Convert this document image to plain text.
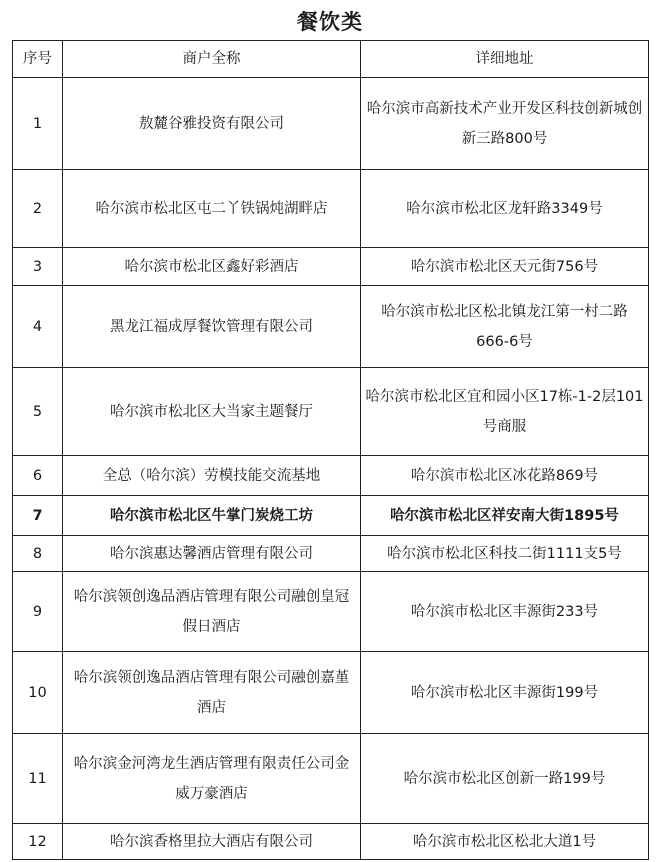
餐饮类
序号	商户全称	详细地址
1	敖麓谷雅投资有限公司	哈尔滨市高新技术产业开发区科技创新城创新三路800号
2	哈尔滨市松北区屯二丫铁锅炖湖畔店	哈尔滨市松北区龙轩路3349号
3	哈尔滨市松北区鑫好彩酒店	哈尔滨市松北区天元街756号
4	黑龙江福成厚餐饮管理有限公司	哈尔滨市松北区松北镇龙江第一村二路666-6号
5	哈尔滨市松北区大当家主题餐厅	哈尔滨市松北区宜和园小区17栋-1-2层101号商服
6	全总（哈尔滨）劳模技能交流基地	哈尔滨市松北区冰花路869号
7	哈尔滨市松北区牛掌门炭烧工坊	哈尔滨市松北区祥安南大街1895号
8	哈尔滨惠达馨酒店管理有限公司	哈尔滨市松北区科技二街1111支5号
9	哈尔滨领创逸品酒店管理有限公司融创皇冠假日酒店	哈尔滨市松北区丰源街233号
10	哈尔滨领创逸品酒店管理有限公司融创嘉堇酒店	哈尔滨市松北区丰源街199号
11	哈尔滨金河湾龙生酒店管理有限责任公司金威万豪酒店	哈尔滨市松北区创新一路199号
12	哈尔滨香格里拉大酒店有限公司	哈尔滨市松北区松北大道1号
